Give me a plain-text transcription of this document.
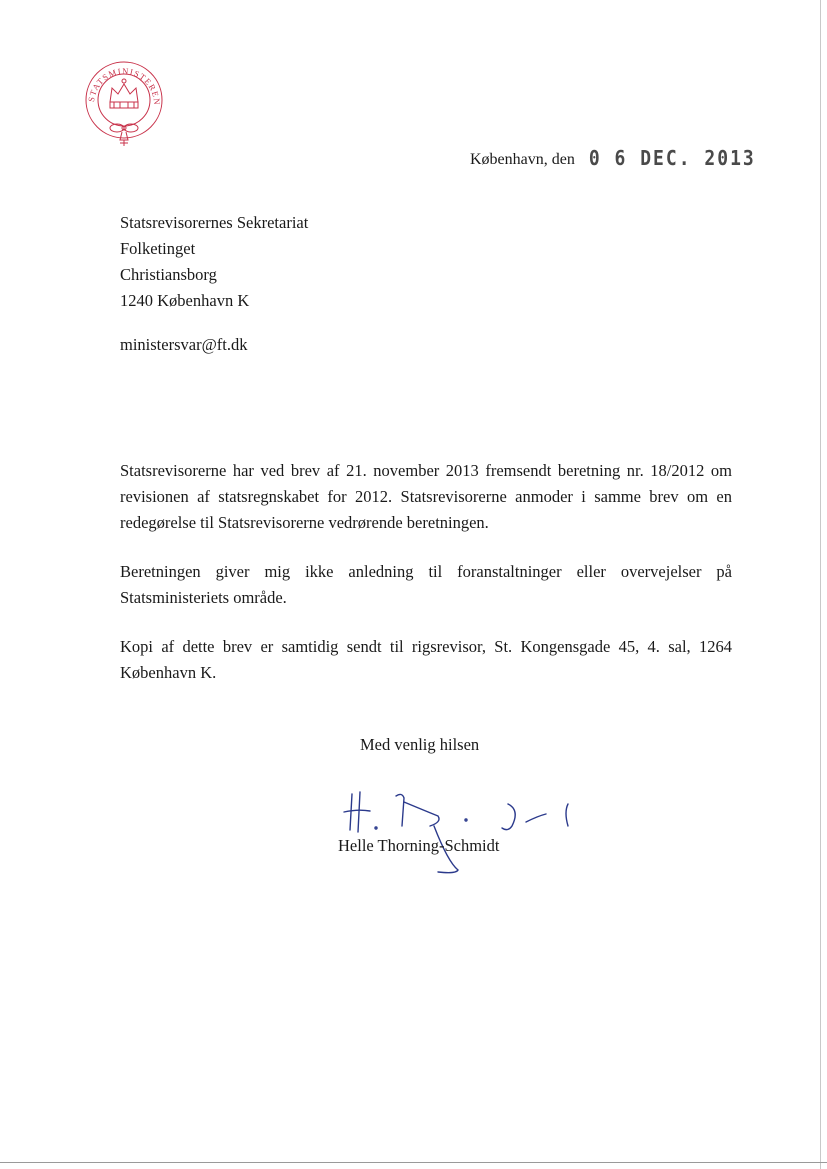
STATSMINISTEREN
København, den 0 6 DEC. 2013
Statsrevisorernes Sekretariat
Folketinget
Christiansborg
1240 København K
ministersvar@ft.dk

Statsrevisorerne har ved brev af 21. november 2013 fremsendt beretning nr. 18/2012 om revisionen af statsregnskabet for 2012. Statsrevisorerne anmoder i samme brev om en redegørelse til Statsrevisorerne vedrørende beretningen.

Beretningen giver mig ikke anledning til foranstaltninger eller overvejelser på Statsministeriets område.

Kopi af dette brev er samtidig sendt til rigsrevisor, St. Kongensgade 45, 4. sal, 1264 København K.

Med venlig hilsen
Helle Thorning-Schmidt
